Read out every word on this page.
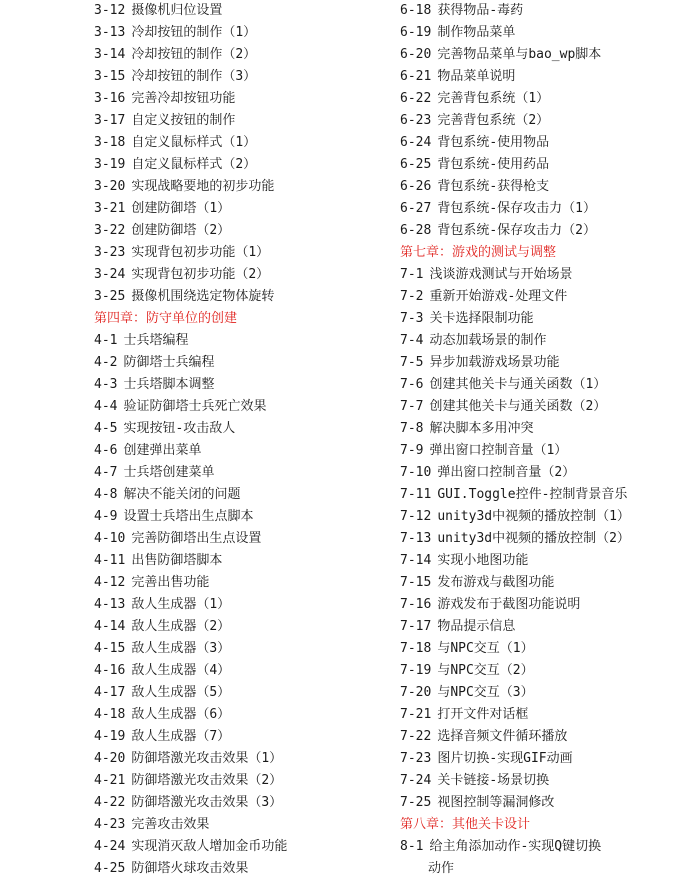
3-12 摄像机归位设置
3-13 冷却按钮的制作（1）
3-14 冷却按钮的制作（2）
3-15 冷却按钮的制作（3）
3-16 完善冷却按钮功能
3-17 自定义按钮的制作
3-18 自定义鼠标样式（1）
3-19 自定义鼠标样式（2）
3-20 实现战略要地的初步功能
3-21 创建防御塔（1）
3-22 创建防御塔（2）
3-23 实现背包初步功能（1）
3-24 实现背包初步功能（2）
3-25 摄像机围绕选定物体旋转
第四章：防守单位的创建
4-1 士兵塔编程
4-2 防御塔士兵编程
4-3 士兵塔脚本调整
4-4 验证防御塔士兵死亡效果
4-5 实现按钮-攻击敌人
4-6 创建弹出菜单
4-7 士兵塔创建菜单
4-8 解决不能关闭的问题
4-9 设置士兵塔出生点脚本
4-10 完善防御塔出生点设置
4-11 出售防御塔脚本
4-12 完善出售功能
4-13 敌人生成器（1）
4-14 敌人生成器（2）
4-15 敌人生成器（3）
4-16 敌人生成器（4）
4-17 敌人生成器（5）
4-18 敌人生成器（6）
4-19 敌人生成器（7）
4-20 防御塔激光攻击效果（1）
4-21 防御塔激光攻击效果（2）
4-22 防御塔激光攻击效果（3）
4-23 完善攻击效果
4-24 实现消灭敌人增加金币功能
4-25 防御塔火球攻击效果
6-18 获得物品-毒药
6-19 制作物品菜单
6-20 完善物品菜单与bao_wp脚本
6-21 物品菜单说明
6-22 完善背包系统（1）
6-23 完善背包系统（2）
6-24 背包系统-使用物品
6-25 背包系统-使用药品
6-26 背包系统-获得枪支
6-27 背包系统-保存攻击力（1）
6-28 背包系统-保存攻击力（2）
第七章：游戏的测试与调整
7-1 浅谈游戏测试与开始场景
7-2 重新开始游戏-处理文件
7-3 关卡选择限制功能
7-4 动态加载场景的制作
7-5 异步加载游戏场景功能
7-6 创建其他关卡与通关函数（1）
7-7 创建其他关卡与通关函数（2）
7-8 解决脚本多用冲突
7-9 弹出窗口控制音量（1）
7-10 弹出窗口控制音量（2）
7-11 GUI.Toggle控件-控制背景音乐
7-12 unity3d中视频的播放控制（1）
7-13 unity3d中视频的播放控制（2）
7-14 实现小地图功能
7-15 发布游戏与截图功能
7-16 游戏发布于截图功能说明
7-17 物品提示信息
7-18 与NPC交互（1）
7-19 与NPC交互（2）
7-20 与NPC交互（3）
7-21 打开文件对话框
7-22 选择音频文件循环播放
7-23 图片切换-实现GIF动画
7-24 关卡链接-场景切换
7-25 视图控制等漏洞修改
第八章：其他关卡设计
8-1 给主角添加动作-实现Q键切换
动作
